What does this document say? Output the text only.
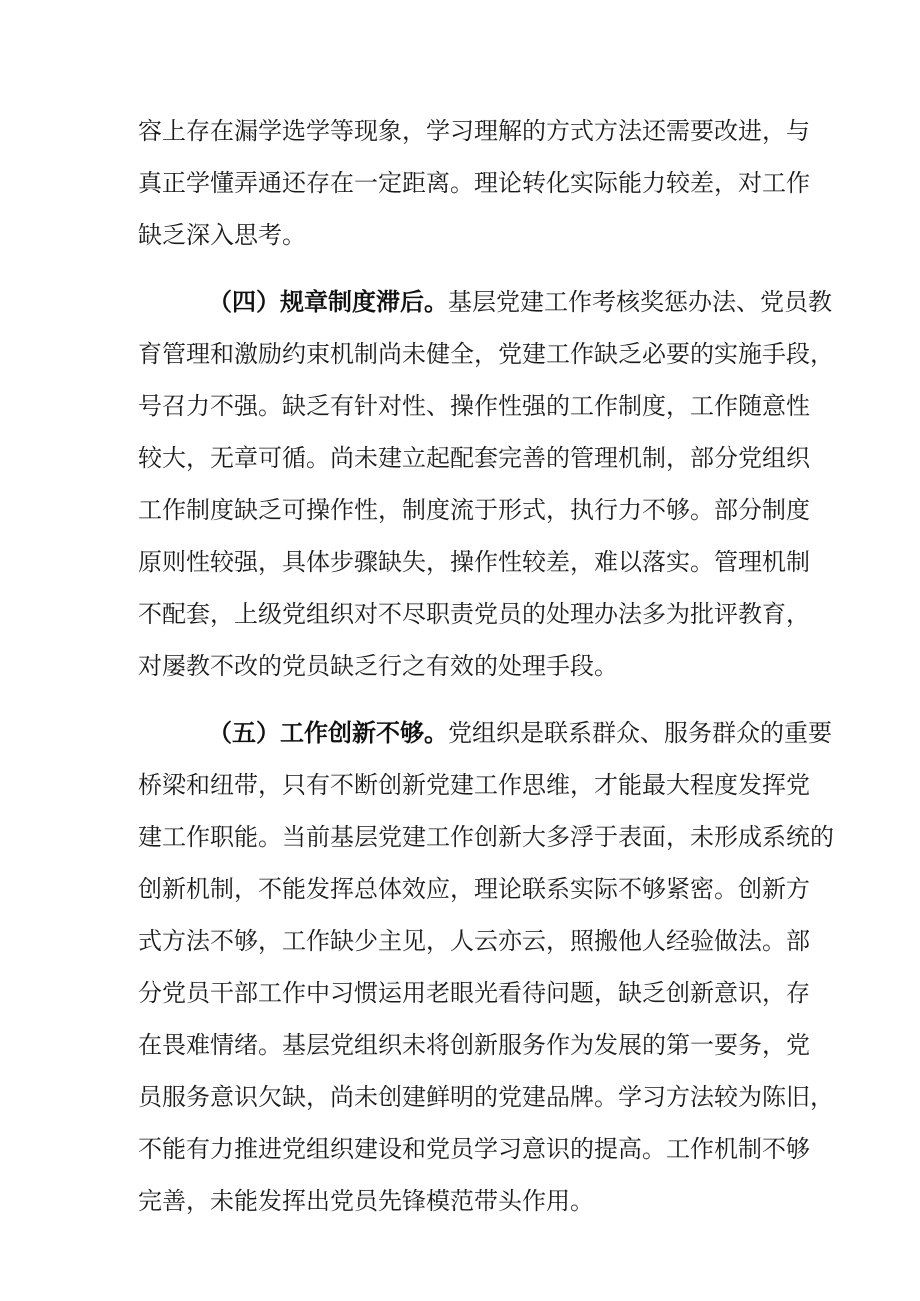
容上存在漏学选学等现象，学习理解的方式方法还需要改进，与
真正学懂弄通还存在一定距离。理论转化实际能力较差，对工作
缺乏深入思考。
（四）规章制度滞后。基层党建工作考核奖惩办法、党员教
育管理和激励约束机制尚未健全，党建工作缺乏必要的实施手段，
号召力不强。缺乏有针对性、操作性强的工作制度，工作随意性
较大，无章可循。尚未建立起配套完善的管理机制，部分党组织
工作制度缺乏可操作性，制度流于形式，执行力不够。部分制度
原则性较强，具体步骤缺失，操作性较差，难以落实。管理机制
不配套，上级党组织对不尽职责党员的处理办法多为批评教育，
对屡教不改的党员缺乏行之有效的处理手段。
（五）工作创新不够。党组织是联系群众、服务群众的重要
桥梁和纽带，只有不断创新党建工作思维，才能最大程度发挥党
建工作职能。当前基层党建工作创新大多浮于表面，未形成系统的
创新机制，不能发挥总体效应，理论联系实际不够紧密。创新方
式方法不够，工作缺少主见，人云亦云，照搬他人经验做法。部
分党员干部工作中习惯运用老眼光看待问题，缺乏创新意识，存
在畏难情绪。基层党组织未将创新服务作为发展的第一要务，党
员服务意识欠缺，尚未创建鲜明的党建品牌。学习方法较为陈旧，
不能有力推进党组织建设和党员学习意识的提高。工作机制不够
完善，未能发挥出党员先锋模范带头作用。
